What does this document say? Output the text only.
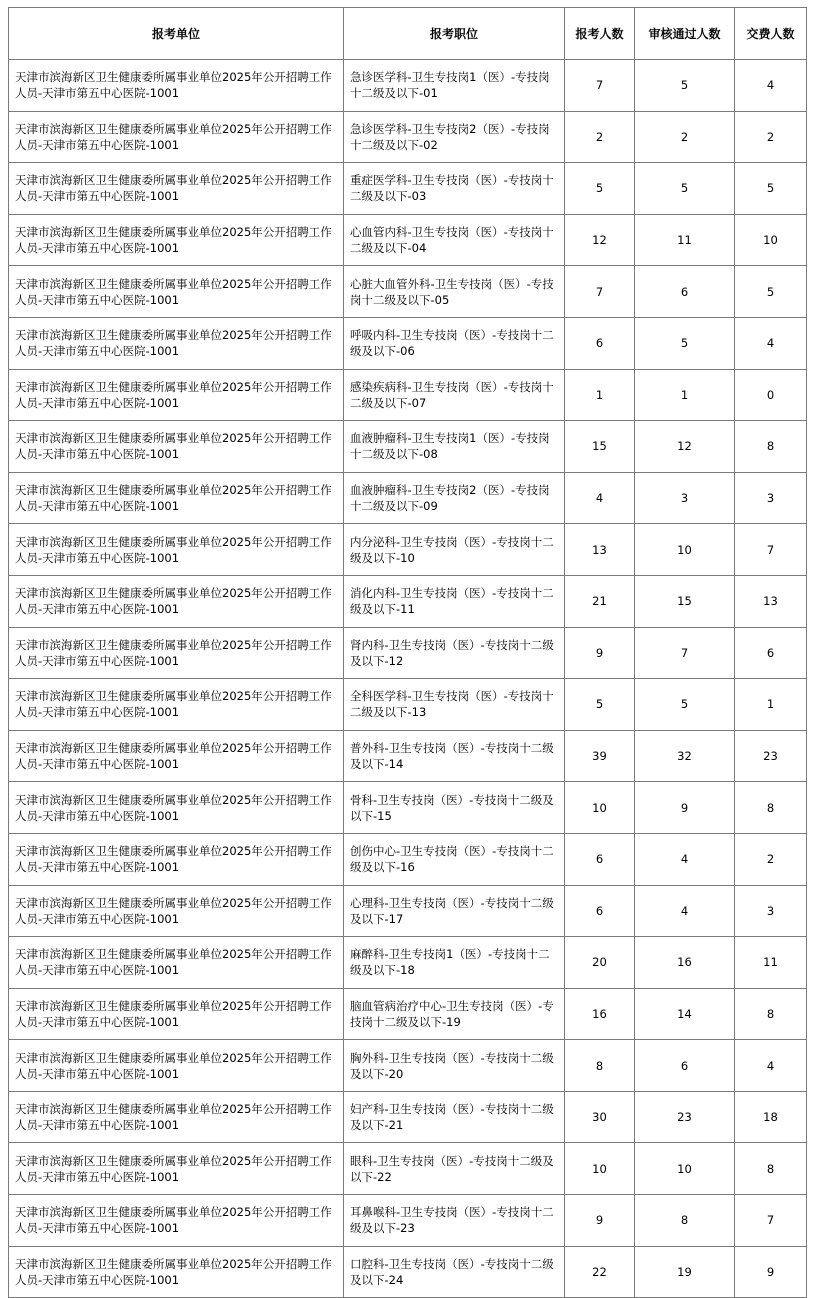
报考单位	报考职位	报考人数	审核通过人数	交费人数
天津市滨海新区卫生健康委所属事业单位2025年公开招聘工作人员-天津市第五中心医院-1001	急诊医学科-卫生专技岗1（医）-专技岗十二级及以下-01	7	5	4
天津市滨海新区卫生健康委所属事业单位2025年公开招聘工作人员-天津市第五中心医院-1001	急诊医学科-卫生专技岗2（医）-专技岗十二级及以下-02	2	2	2
天津市滨海新区卫生健康委所属事业单位2025年公开招聘工作人员-天津市第五中心医院-1001	重症医学科-卫生专技岗（医）-专技岗十二级及以下-03	5	5	5
天津市滨海新区卫生健康委所属事业单位2025年公开招聘工作人员-天津市第五中心医院-1001	心血管内科-卫生专技岗（医）-专技岗十二级及以下-04	12	11	10
天津市滨海新区卫生健康委所属事业单位2025年公开招聘工作人员-天津市第五中心医院-1001	心脏大血管外科-卫生专技岗（医）-专技岗十二级及以下-05	7	6	5
天津市滨海新区卫生健康委所属事业单位2025年公开招聘工作人员-天津市第五中心医院-1001	呼吸内科-卫生专技岗（医）-专技岗十二级及以下-06	6	5	4
天津市滨海新区卫生健康委所属事业单位2025年公开招聘工作人员-天津市第五中心医院-1001	感染疾病科-卫生专技岗（医）-专技岗十二级及以下-07	1	1	0
天津市滨海新区卫生健康委所属事业单位2025年公开招聘工作人员-天津市第五中心医院-1001	血液肿瘤科-卫生专技岗1（医）-专技岗十二级及以下-08	15	12	8
天津市滨海新区卫生健康委所属事业单位2025年公开招聘工作人员-天津市第五中心医院-1001	血液肿瘤科-卫生专技岗2（医）-专技岗十二级及以下-09	4	3	3
天津市滨海新区卫生健康委所属事业单位2025年公开招聘工作人员-天津市第五中心医院-1001	内分泌科-卫生专技岗（医）-专技岗十二级及以下-10	13	10	7
天津市滨海新区卫生健康委所属事业单位2025年公开招聘工作人员-天津市第五中心医院-1001	消化内科-卫生专技岗（医）-专技岗十二级及以下-11	21	15	13
天津市滨海新区卫生健康委所属事业单位2025年公开招聘工作人员-天津市第五中心医院-1001	肾内科-卫生专技岗（医）-专技岗十二级及以下-12	9	7	6
天津市滨海新区卫生健康委所属事业单位2025年公开招聘工作人员-天津市第五中心医院-1001	全科医学科-卫生专技岗（医）-专技岗十二级及以下-13	5	5	1
天津市滨海新区卫生健康委所属事业单位2025年公开招聘工作人员-天津市第五中心医院-1001	普外科-卫生专技岗（医）-专技岗十二级及以下-14	39	32	23
天津市滨海新区卫生健康委所属事业单位2025年公开招聘工作人员-天津市第五中心医院-1001	骨科-卫生专技岗（医）-专技岗十二级及以下-15	10	9	8
天津市滨海新区卫生健康委所属事业单位2025年公开招聘工作人员-天津市第五中心医院-1001	创伤中心-卫生专技岗（医）-专技岗十二级及以下-16	6	4	2
天津市滨海新区卫生健康委所属事业单位2025年公开招聘工作人员-天津市第五中心医院-1001	心理科-卫生专技岗（医）-专技岗十二级及以下-17	6	4	3
天津市滨海新区卫生健康委所属事业单位2025年公开招聘工作人员-天津市第五中心医院-1001	麻醉科-卫生专技岗1（医）-专技岗十二级及以下-18	20	16	11
天津市滨海新区卫生健康委所属事业单位2025年公开招聘工作人员-天津市第五中心医院-1001	脑血管病治疗中心-卫生专技岗（医）-专技岗十二级及以下-19	16	14	8
天津市滨海新区卫生健康委所属事业单位2025年公开招聘工作人员-天津市第五中心医院-1001	胸外科-卫生专技岗（医）-专技岗十二级及以下-20	8	6	4
天津市滨海新区卫生健康委所属事业单位2025年公开招聘工作人员-天津市第五中心医院-1001	妇产科-卫生专技岗（医）-专技岗十二级及以下-21	30	23	18
天津市滨海新区卫生健康委所属事业单位2025年公开招聘工作人员-天津市第五中心医院-1001	眼科-卫生专技岗（医）-专技岗十二级及以下-22	10	10	8
天津市滨海新区卫生健康委所属事业单位2025年公开招聘工作人员-天津市第五中心医院-1001	耳鼻喉科-卫生专技岗（医）-专技岗十二级及以下-23	9	8	7
天津市滨海新区卫生健康委所属事业单位2025年公开招聘工作人员-天津市第五中心医院-1001	口腔科-卫生专技岗（医）-专技岗十二级及以下-24	22	19	9
